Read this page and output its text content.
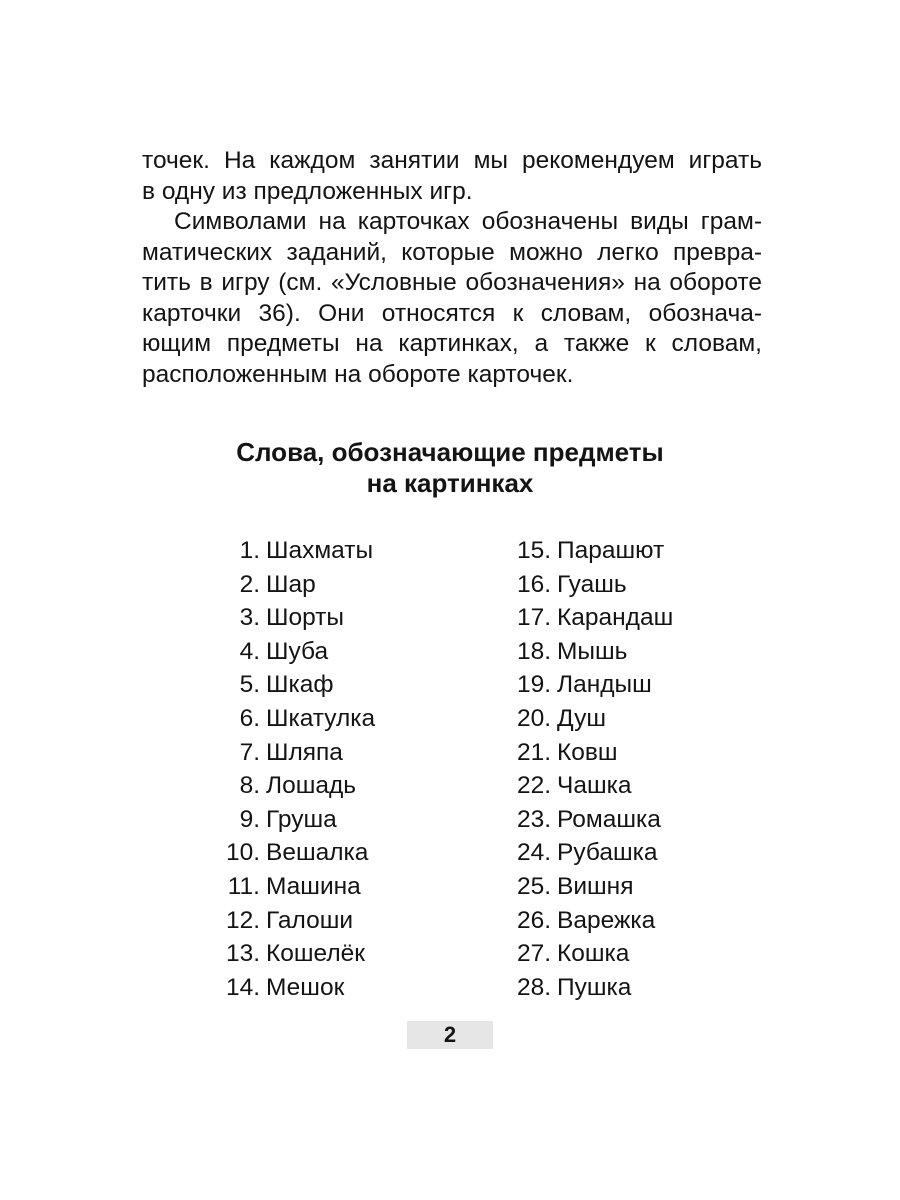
точек. На каждом занятии мы рекомендуем играть
в одну из предложенных игр.

Символами на карточках обозначены виды грам-
матических заданий, которые можно легко превра-
тить в игру (см. «Условные обозначения» на обороте
карточки 36). Они относятся к словам, обознача-
ющим предметы на картинках, а также к словам,
расположенным на обороте карточек.

Слова, обозначающие предметы
на картинках
1. Шахматы
2. Шар
3. Шорты
4. Шуба
5. Шкаф
6. Шкатулка
7. Шляпа
8. Лошадь
9. Груша
10. Вешалка
11. Машина
12. Галоши
13. Кошелёк
14. Мешок
15. Парашют
16. Гуашь
17. Карандаш
18. Мышь
19. Ландыш
20. Душ
21. Ковш
22. Чашка
23. Ромашка
24. Рубашка
25. Вишня
26. Варежка
27. Кошка
28. Пушка
2
